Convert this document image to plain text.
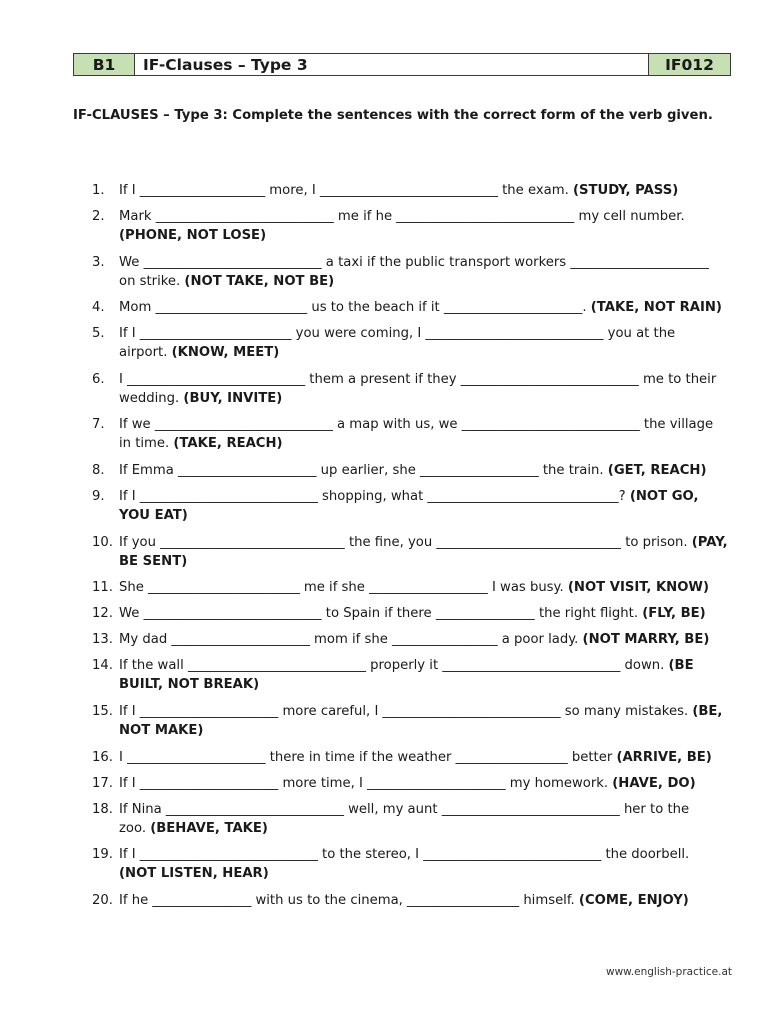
B1	IF-Clauses – Type 3	IF012
IF-CLAUSES – Type 3: Complete the sentences with the correct form of the verb given.
1.	If I ___________________ more, I ___________________________ the exam. (STUDY, PASS)
2.	Mark ___________________________ me if he ___________________________ my cell number.
(PHONE, NOT LOSE)
3.	We ___________________________ a taxi if the public transport workers _____________________
on strike. (NOT TAKE, NOT BE)
4.	Mom _______________________ us to the beach if it _____________________. (TAKE, NOT RAIN)
5.	If I _______________________ you were coming, I ___________________________ you at the
airport. (KNOW, MEET)
6.	I ___________________________ them a present if they ___________________________ me to their
wedding. (BUY, INVITE)
7.	If we ___________________________ a map with us, we ___________________________ the village
in time. (TAKE, REACH)
8.	If Emma _____________________ up earlier, she __________________ the train. (GET, REACH)
9.	If I ___________________________ shopping, what _____________________________? (NOT GO,
YOU EAT)
10. If you ____________________________ the fine, you ____________________________ to prison. (PAY,
BE SENT)
11. She _______________________ me if she __________________ I was busy. (NOT VISIT, KNOW)
12. We ___________________________ to Spain if there _______________ the right flight. (FLY, BE)
13. My dad _____________________ mom if she ________________ a poor lady. (NOT MARRY, BE)
14. If the wall ___________________________ properly it ___________________________ down. (BE
BUILT, NOT BREAK)
15. If I _____________________ more careful, I ___________________________ so many mistakes. (BE,
NOT MAKE)
16. I _____________________ there in time if the weather _________________ better (ARRIVE, BE)
17. If I _____________________ more time, I _____________________ my homework. (HAVE, DO)
18. If Nina ___________________________ well, my aunt ___________________________ her to the
zoo. (BEHAVE, TAKE)
19. If I ___________________________ to the stereo, I ___________________________ the doorbell.
(NOT LISTEN, HEAR)
20. If he _______________ with us to the cinema, _________________ himself. (COME, ENJOY)
www.english-practice.at
